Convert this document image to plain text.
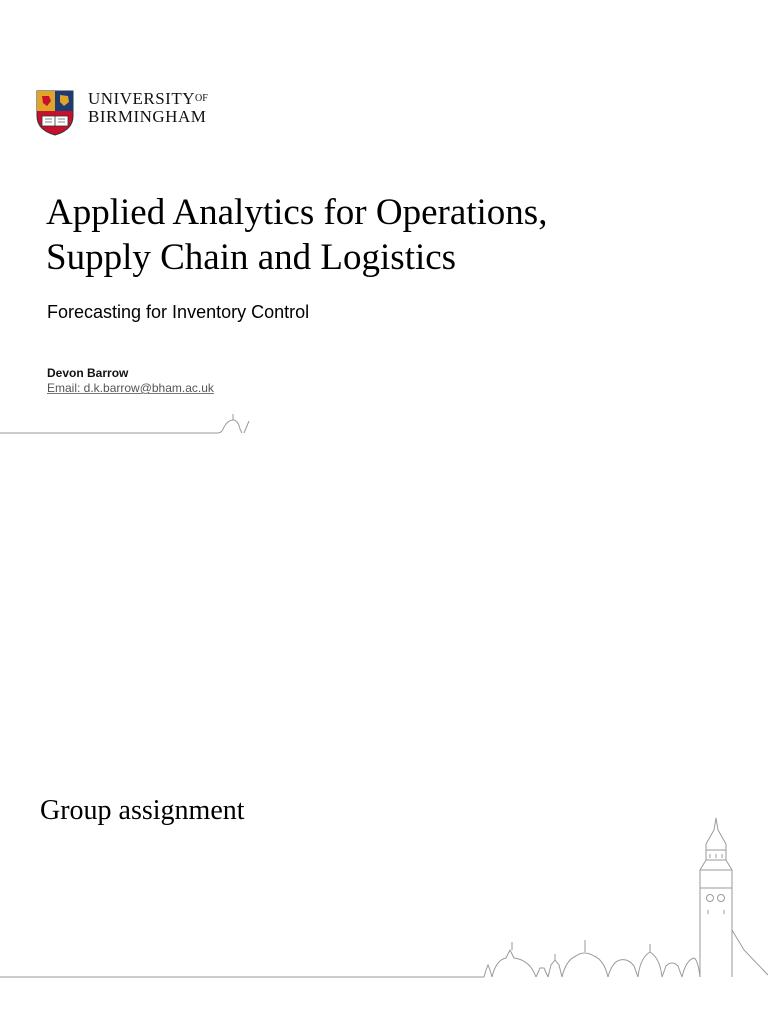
$UNIVERSITY^{OF}$
BIRMINGHAM
Applied Analytics for Operations,
Supply Chain and Logistics

Forecasting for Inventory Control

Devon Barrow
Email: d.k.barrow@bham.ac.uk
Group assignment
